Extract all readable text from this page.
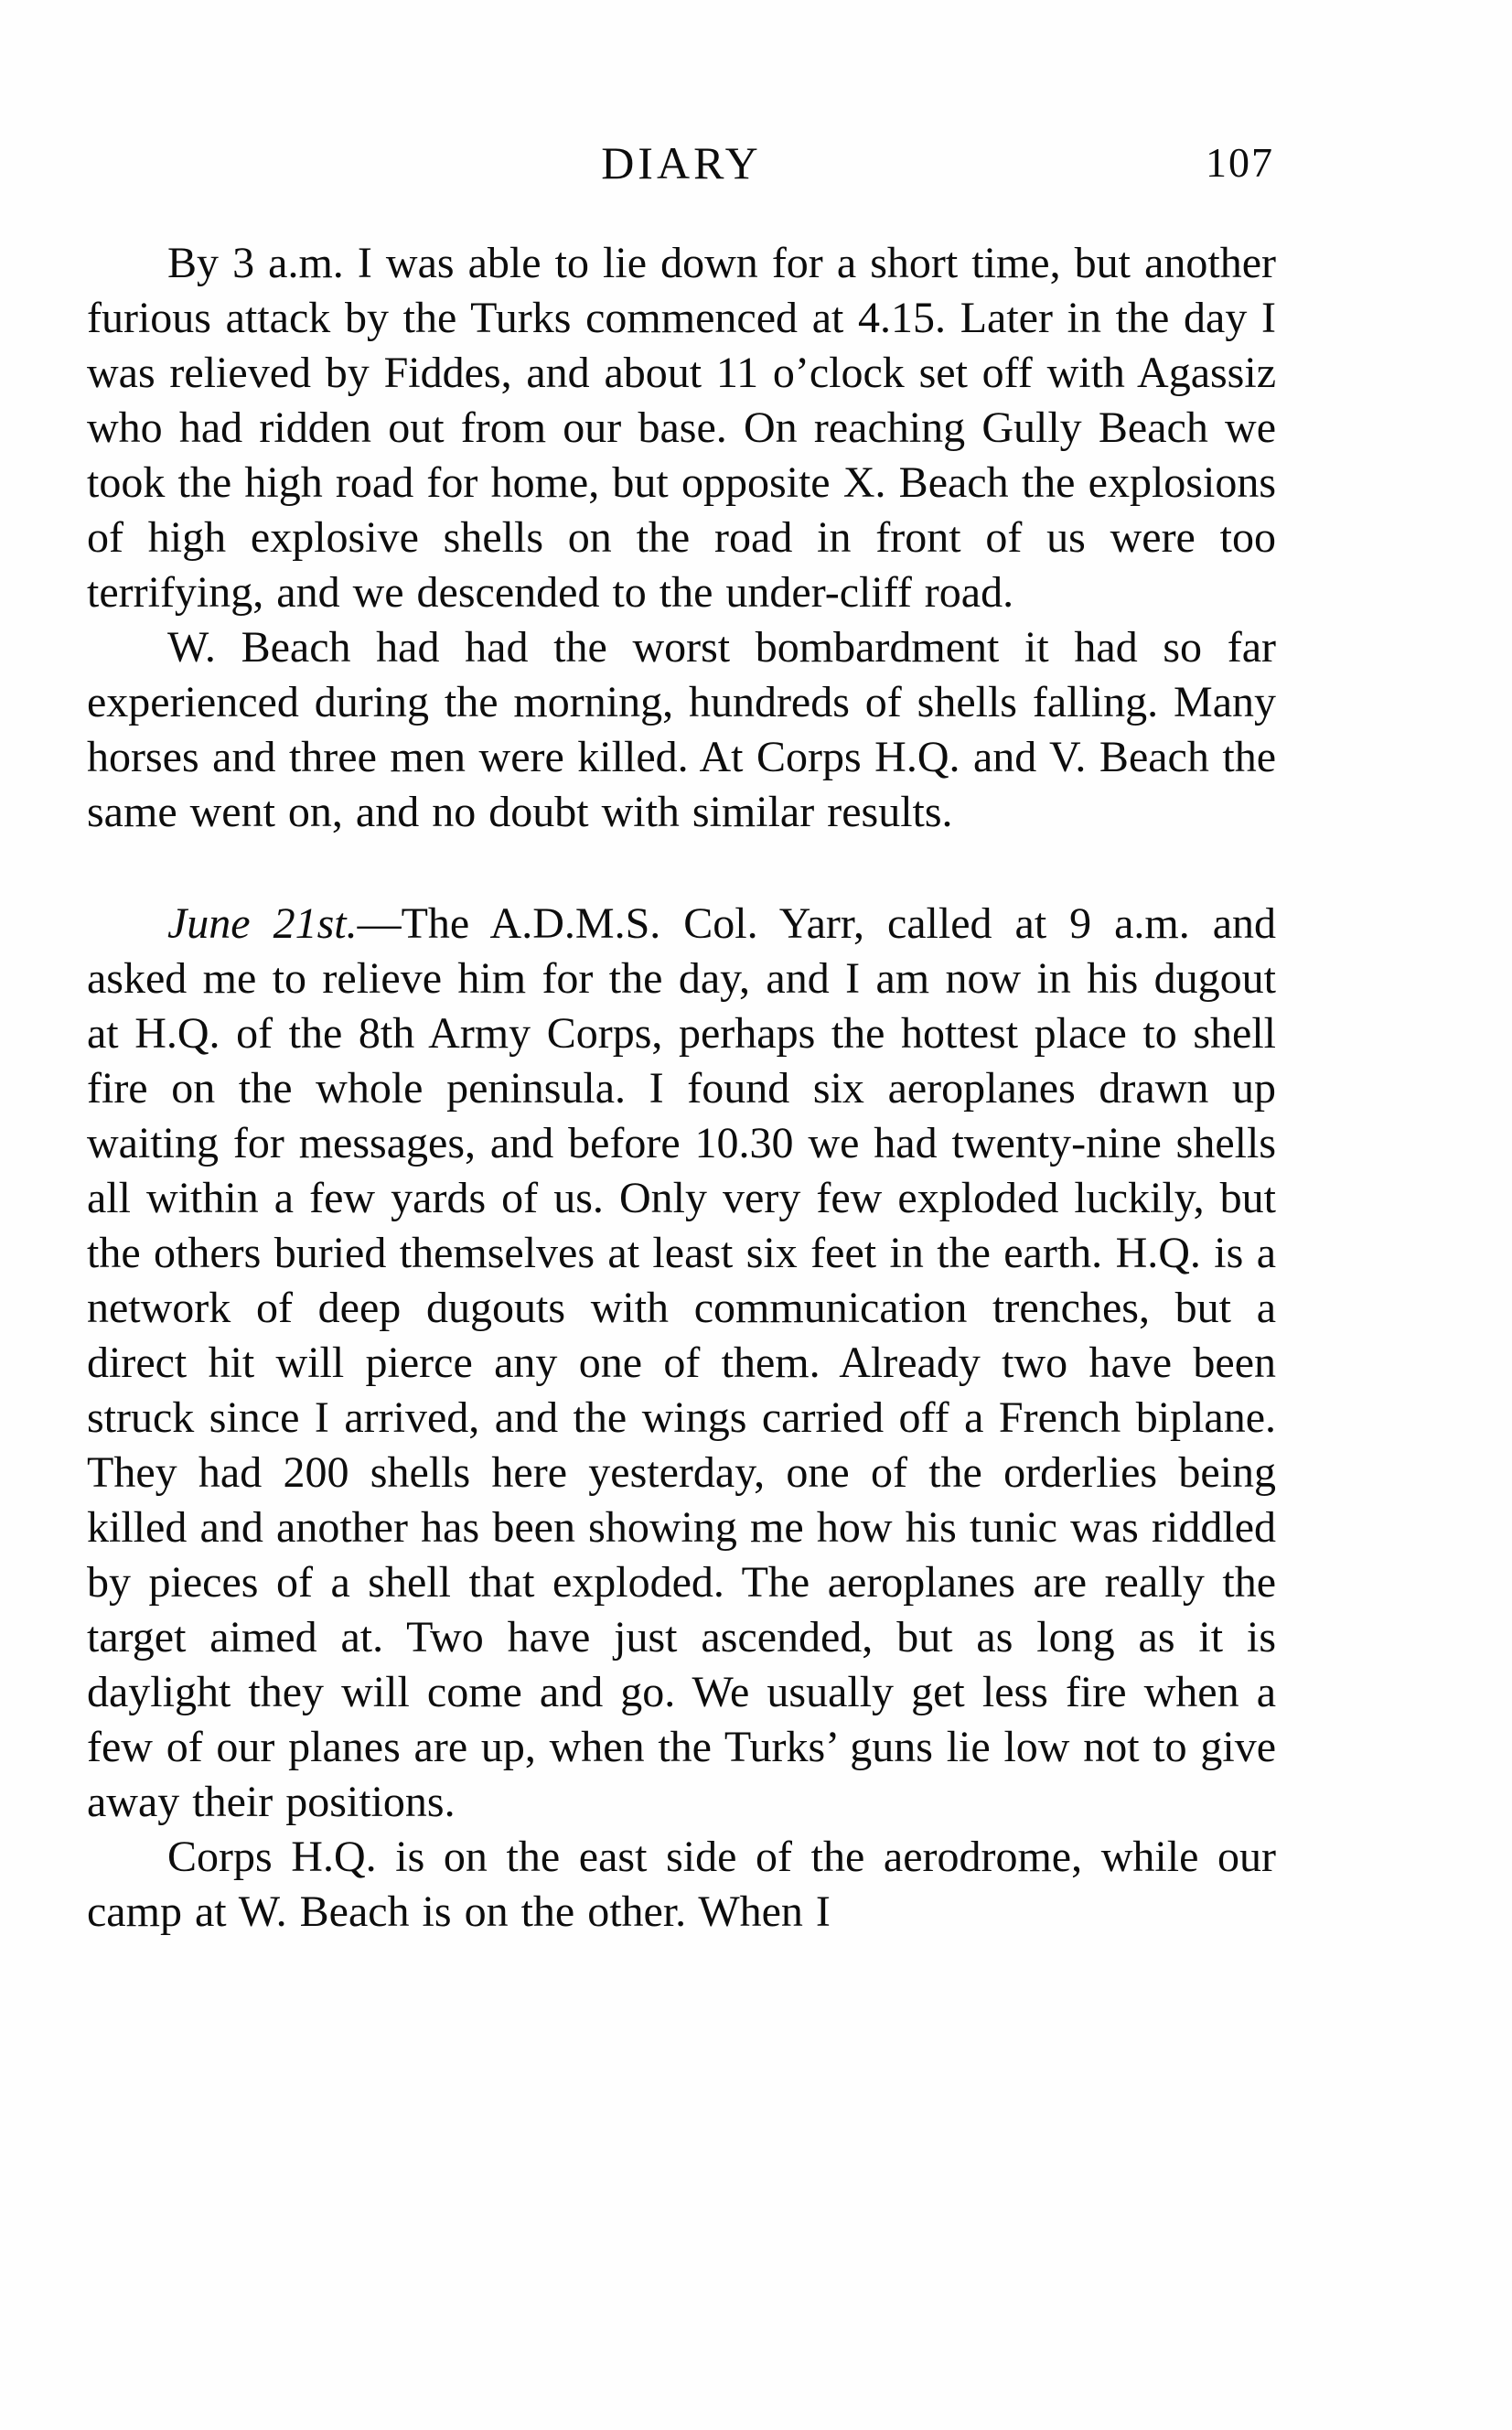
DIARY	107

By 3 a.m. I was able to lie down for a short time, but another furious attack by the Turks commenced at 4.15. Later in the day I was relieved by Fiddes, and about 11 o’clock set off with Agassiz who had ridden out from our base. On reaching Gully Beach we took the high road for home, but opposite X. Beach the explosions of high explosive shells on the road in front of us were too terrifying, and we descended to the under-cliff road.

W. Beach had had the worst bombardment it had so far experienced during the morning, hundreds of shells falling. Many horses and three men were killed. At Corps H.Q. and V. Beach the same went on, and no doubt with similar results.

June 21st.—The A.D.M.S. Col. Yarr, called at 9 a.m. and asked me to relieve him for the day, and I am now in his dugout at H.Q. of the 8th Army Corps, perhaps the hottest place to shell fire on the whole peninsula. I found six aeroplanes drawn up waiting for messages, and before 10.30 we had twenty-nine shells all within a few yards of us. Only very few exploded luckily, but the others buried themselves at least six feet in the earth. H.Q. is a network of deep dugouts with communication trenches, but a direct hit will pierce any one of them. Already two have been struck since I arrived, and the wings carried off a French biplane. They had 200 shells here yesterday, one of the orderlies being killed and another has been showing me how his tunic was riddled by pieces of a shell that exploded. The aeroplanes are really the target aimed at. Two have just ascended, but as long as it is daylight they will come and go. We usually get less fire when a few of our planes are up, when the Turks’ guns lie low not to give away their positions.

Corps H.Q. is on the east side of the aerodrome, while our camp at W. Beach is on the other. When I
